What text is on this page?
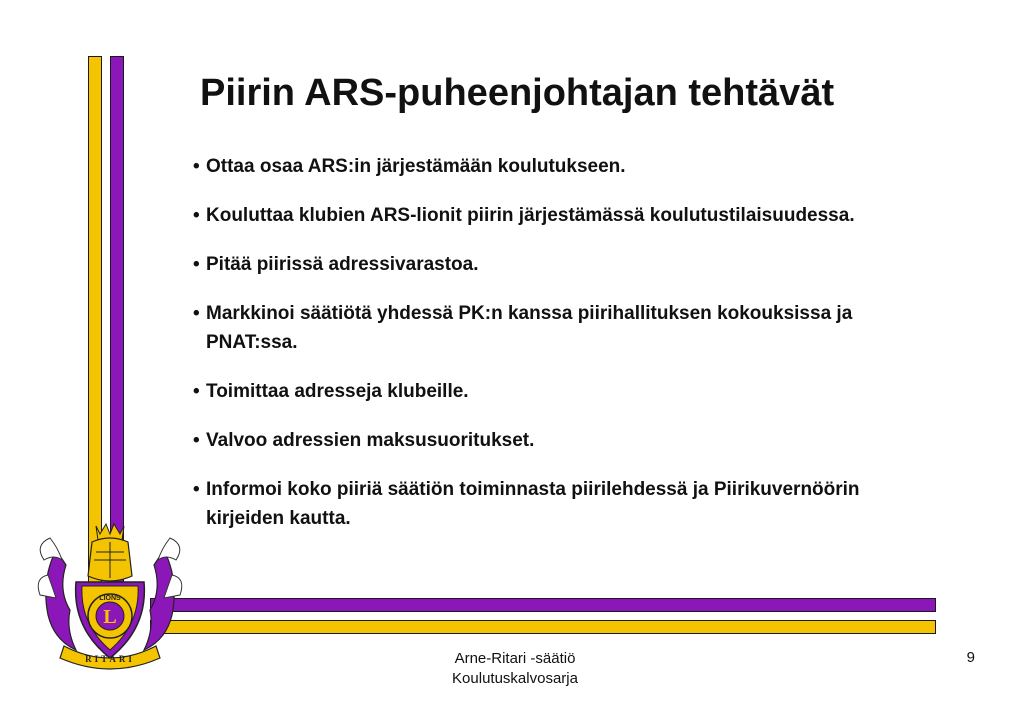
Piirin ARS-puheenjohtajan tehtävät
• Ottaa osaa ARS:in järjestämään koulutukseen.
• Kouluttaa klubien ARS-lionit piirin järjestämässä koulutustilaisuudessa.
• Pitää piirissä adressivarastoa.
• Markkinoi säätiötä yhdessä PK:n kanssa piirihallituksen kokouksissa ja PNAT:ssa.
• Toimittaa adresseja klubeille.
• Valvoo adressien maksusuoritukset.
• Informoi koko piiriä säätiön toiminnasta piirilehdessä ja Piirikuvernöörin kirjeiden kautta.
L
LIONS
RITARI	Arne-Ritari -säätiö
Koulutuskalvosarja
9
